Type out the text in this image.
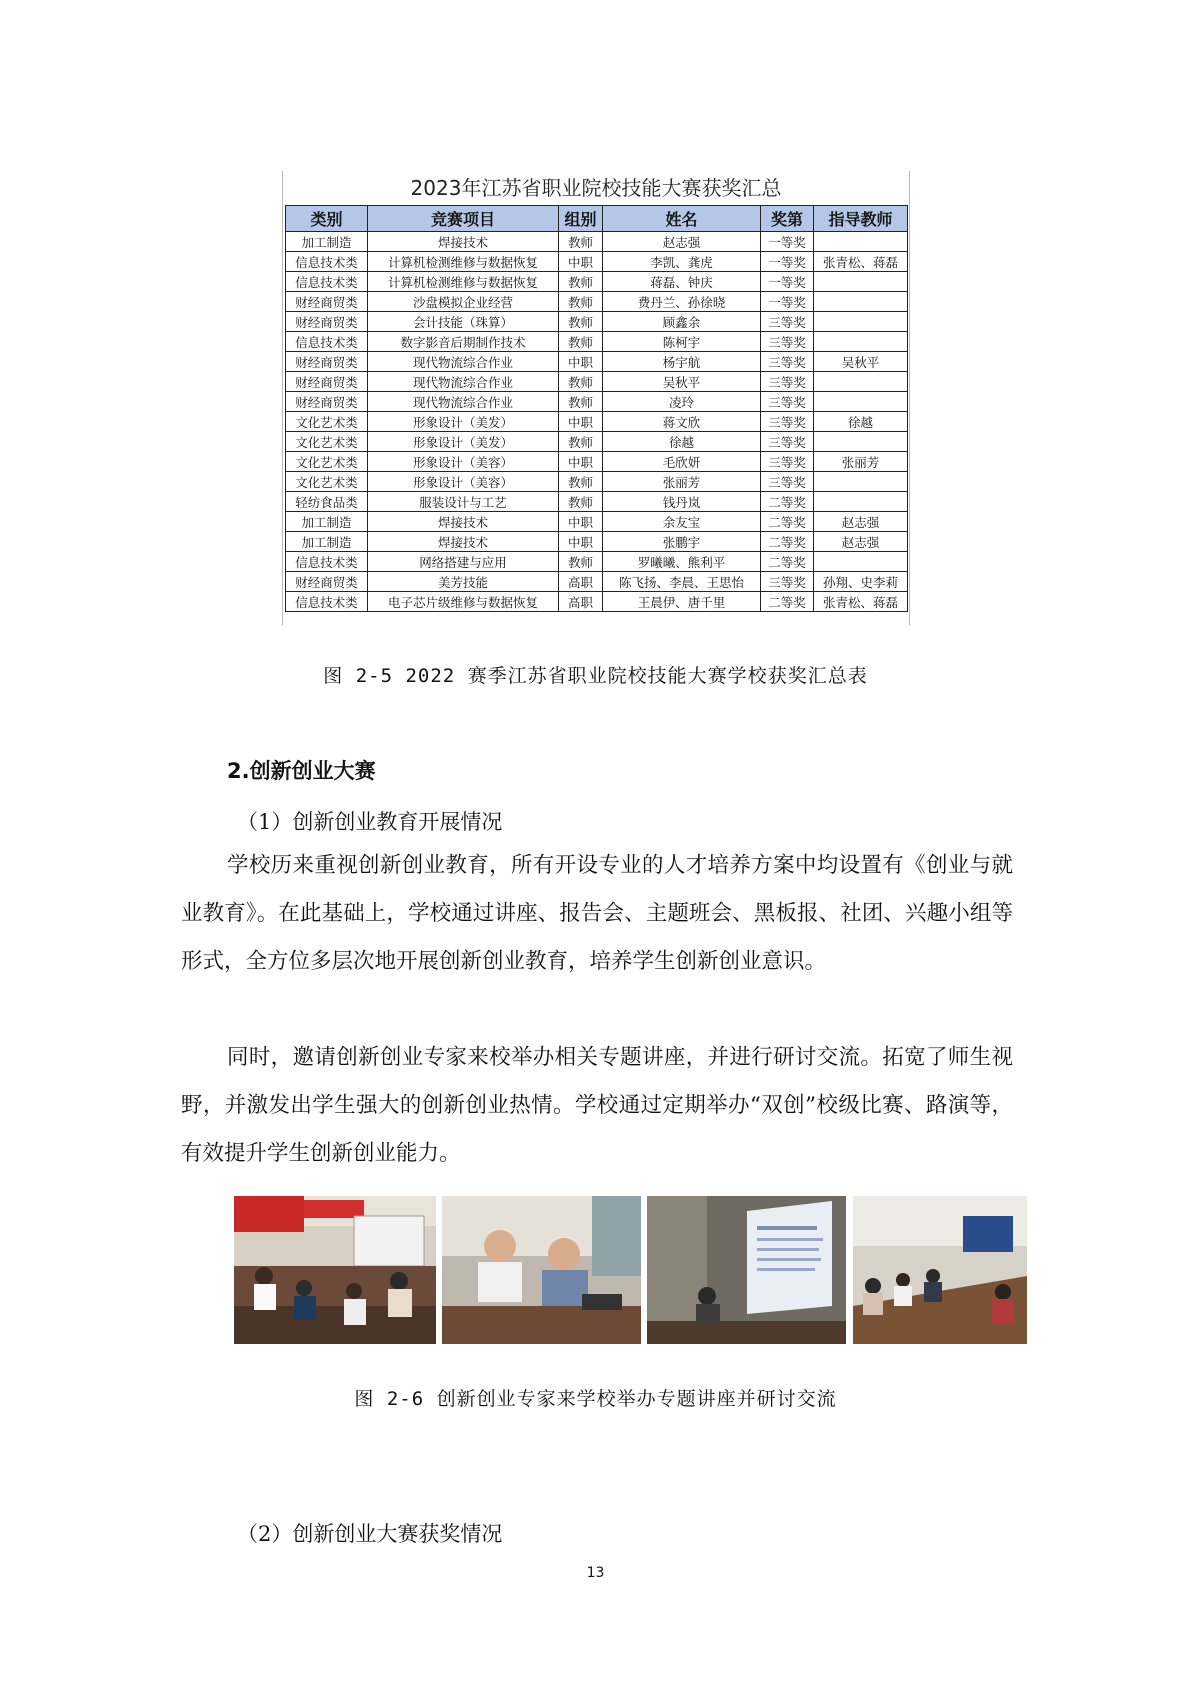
2023年江苏省职业院校技能大赛获奖汇总
类别	竞赛项目	组别	姓名	奖第	指导教师
加工制造	焊接技术	教师	赵志强	一等奖	
信息技术类	计算机检测维修与数据恢复	中职	李凯、龚虎	一等奖	张青松、蒋磊
信息技术类	计算机检测维修与数据恢复	教师	蒋磊、钟庆	一等奖	
财经商贸类	沙盘模拟企业经营	教师	费丹兰、孙徐晓	一等奖	
财经商贸类	会计技能（珠算）	教师	顾鑫余	三等奖	
信息技术类	数字影音后期制作技术	教师	陈柯宇	三等奖	
财经商贸类	现代物流综合作业	中职	杨宇航	三等奖	吴秋平
财经商贸类	现代物流综合作业	教师	吴秋平	三等奖	
财经商贸类	现代物流综合作业	教师	凌玲	三等奖	
文化艺术类	形象设计（美发）	中职	蒋文欣	三等奖	徐越
文化艺术类	形象设计（美发）	教师	徐越	三等奖	
文化艺术类	形象设计（美容）	中职	毛欣妍	三等奖	张丽芳
文化艺术类	形象设计（美容）	教师	张丽芳	三等奖	
轻纺食品类	服装设计与工艺	教师	钱丹岚	二等奖	
加工制造	焊接技术	中职	余友宝	二等奖	赵志强
加工制造	焊接技术	中职	张鹏宇	二等奖	赵志强
信息技术类	网络搭建与应用	教师	罗曦曦、熊利平	二等奖	
财经商贸类	美芳技能	高职	陈飞扬、李晨、王思怡	三等奖	孙翔、史李莉
信息技术类	电子芯片级维修与数据恢复	高职	王晨伊、唐千里	二等奖	张青松、蒋磊
图 2-5 2022 赛季江苏省职业院校技能大赛学校获奖汇总表
2.创新创业大赛
（1）创新创业教育开展情况

学校历来重视创新创业教育，所有开设专业的人才培养方案中均设置有《创业与就业教育》。在此基础上，学校通过讲座、报告会、主题班会、黑板报、社团、兴趣小组等形式，全方位多层次地开展创新创业教育，培养学生创新创业意识。

同时，邀请创新创业专家来校举办相关专题讲座，并进行研讨交流。拓宽了师生视野，并激发出学生强大的创新创业热情。学校通过定期举办“双创”校级比赛、路演等，有效提升学生创新创业能力。

图 2-6 创新创业专家来学校举办专题讲座并研讨交流
（2）创新创业大赛获奖情况
13
